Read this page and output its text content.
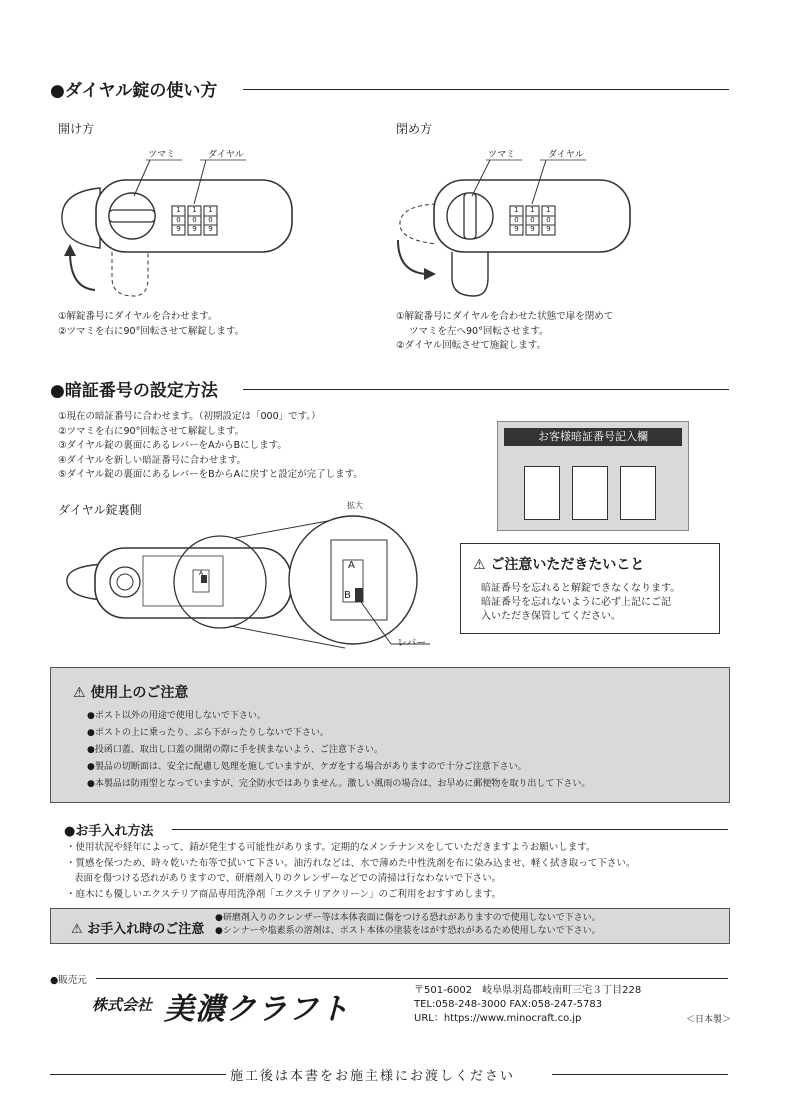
●ダイヤル錠の使い方
開け方	閉め方
ツマミ	ダイヤル
1
0
9
1
0
9
1
0
9
ツマミ	ダイヤル
1
0
9
1
0
9
1
0
9
①解錠番号にダイヤルを合わせます。
②ツマミを右に90°回転させて解錠します。
①解錠番号にダイヤルを合わせた状態で扉を閉めて
ツマミを左へ90°回転させます。
②ダイヤル回転させて施錠します。
●暗証番号の設定方法
①現在の暗証番号に合わせます。（初期設定は「000」です。）
②ツマミを右に90°回転させて解錠します。
③ダイヤル錠の裏面にあるレバーをAからBにします。
④ダイヤルを新しい暗証番号に合わせます。
⑤ダイヤル錠の裏面にあるレバーをBからAに戻すと設定が完了します。
ダイヤル錠裏側	拡大
A
A
B
レバー
お客様暗証番号記入欄
⚠ ご注意いただきたいこと
暗証番号を忘れると解錠できなくなります。
暗証番号を忘れないように必ず上記にご記
入いただき保管してください。
⚠ 使用上のご注意
●ポスト以外の用途で使用しないで下さい。
●ポストの上に乗ったり、ぶら下がったりしないで下さい。
●投函口蓋、取出し口蓋の開閉の際に手を挟まないよう、ご注意下さい。
●製品の切断面は、安全に配慮し処理を施していますが、ケガをする場合がありますので十分ご注意下さい。
●本製品は防雨型となっていますが、完全防水ではありません。激しい風雨の場合は、お早めに郵便物を取り出して下さい。
●お手入れ方法
・使用状況や経年によって、錆が発生する可能性があります。定期的なメンテナンスをしていただきますようお願いします。
・質感を保つため、時々乾いた布等で拭いて下さい。油汚れなどは、水で薄めた中性洗剤を布に染み込ませ、軽く拭き取って下さい。
表面を傷つける恐れがありますので、研磨剤入りのクレンザーなどでの清掃は行なわないで下さい。
・庭木にも優しいエクステリア商品専用洗浄剤「エクステリアクリーン」のご利用をおすすめします。
⚠ お手入れ時のご注意
●研磨剤入りのクレンザー等は本体表面に傷をつける恐れがありますので使用しないで下さい。
●シンナーや塩素系の溶剤は、ポスト本体の塗装をはがす恐れがあるため使用しないで下さい。
●販売元
株式会社 美濃クラフト
〒501-6002　岐阜県羽島郡岐南町三宅３丁目228
TEL:058-248-3000 FAX:058-247-5783
URL：https://www.minocraft.co.jp	＜日本製＞
施工後は本書をお施主様にお渡しください
